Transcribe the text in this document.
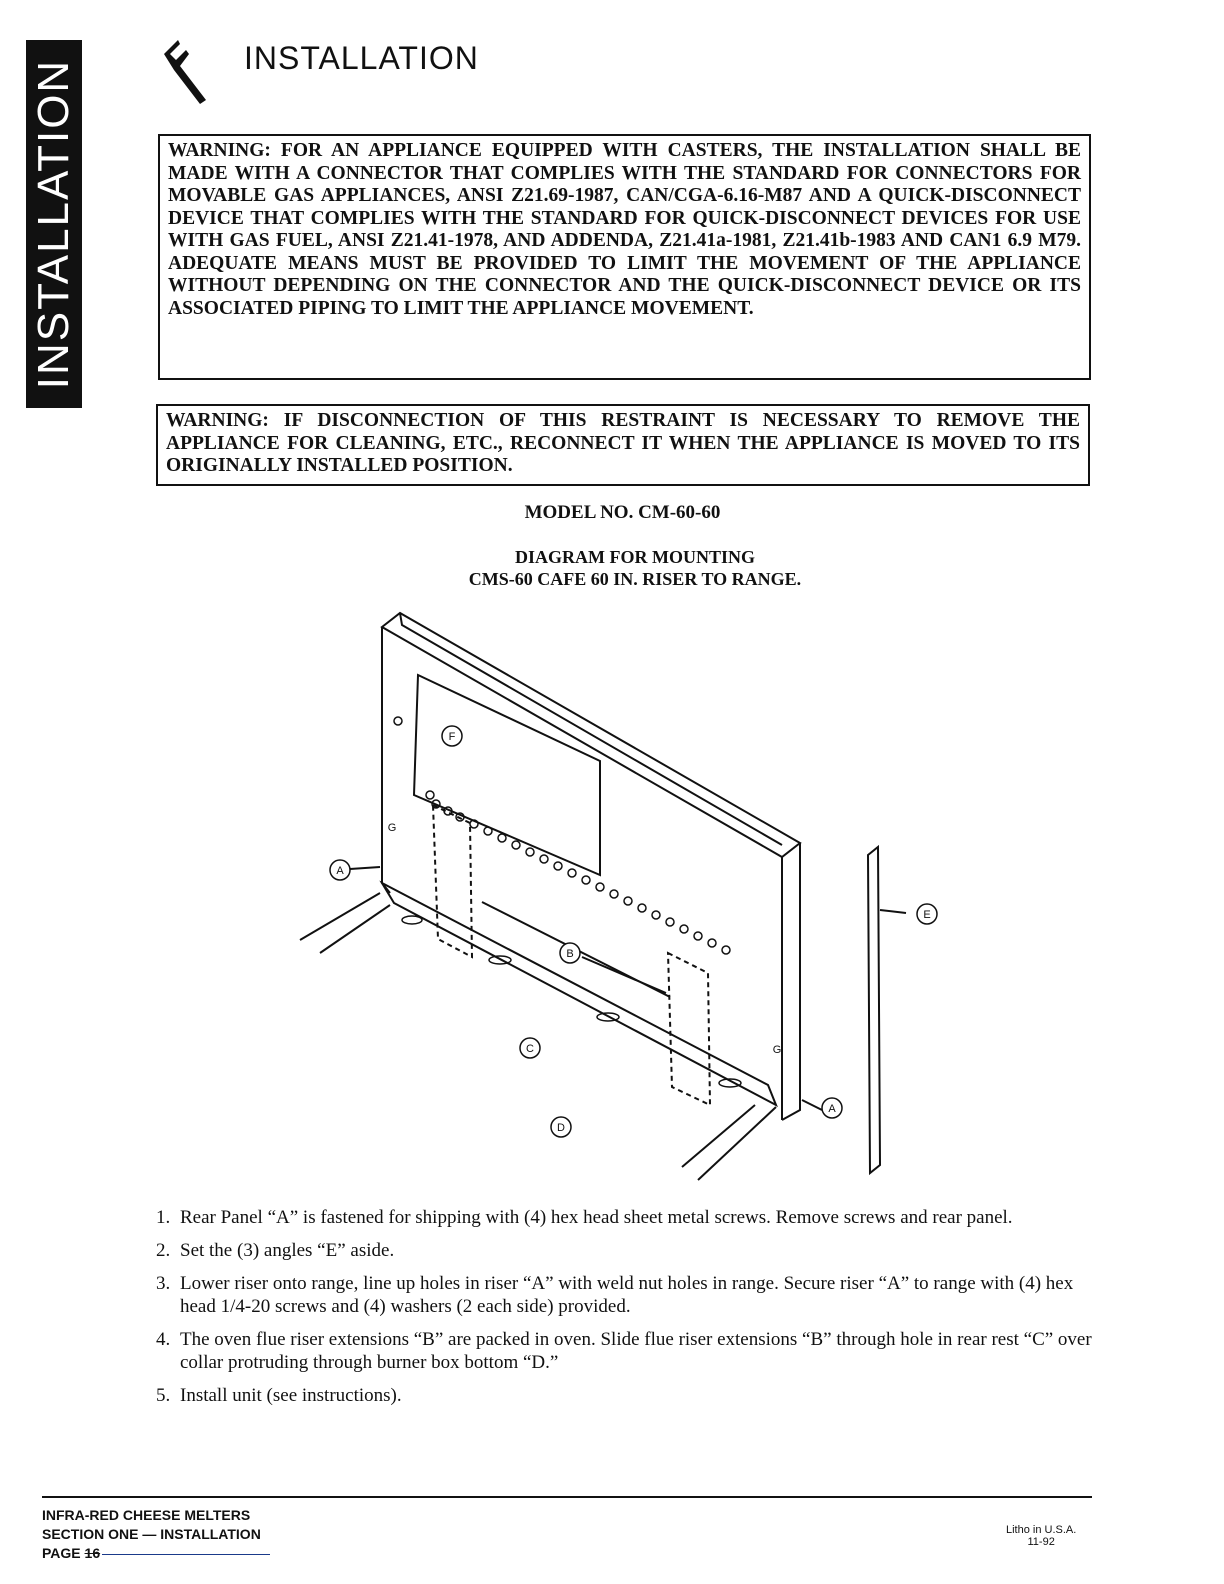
INSTALLATION
INSTALLATION
WARNING: FOR AN APPLIANCE EQUIPPED WITH CASTERS, THE INSTALLATION SHALL BE MADE WITH A CONNECTOR THAT COMPLIES WITH THE STANDARD FOR CONNECTORS FOR MOVABLE GAS APPLIANCES, ANSI Z21.69-1987, CAN/CGA-6.16-M87 AND A QUICK-DISCONNECT DEVICE THAT COMPLIES WITH THE STANDARD FOR QUICK-DISCONNECT DEVICES FOR USE WITH GAS FUEL, ANSI Z21.41-1978, AND ADDENDA, Z21.41a-1981, Z21.41b-1983 AND CAN1 6.9 M79. ADEQUATE MEANS MUST BE PROVIDED TO LIMIT THE MOVEMENT OF THE APPLIANCE WITHOUT DEPENDING ON THE CONNECTOR AND THE QUICK-DISCONNECT DEVICE OR ITS ASSOCIATED PIPING TO LIMIT THE APPLIANCE MOVEMENT.
WARNING: IF DISCONNECTION OF THIS RESTRAINT IS NECESSARY TO REMOVE THE APPLIANCE FOR CLEANING, ETC., RECONNECT IT WHEN THE APPLIANCE IS MOVED TO ITS ORIGINALLY INSTALLED POSITION.
MODEL NO. CM-60-60
DIAGRAM FOR MOUNTING
CMS-60 CAFE 60 IN. RISER TO RANGE.
A
B
C
D
E
F
A
G
G
1. Rear Panel “A” is fastened for shipping with (4) hex head sheet metal screws. Remove screws and rear panel.
2. Set the (3) angles “E” aside.
3. Lower riser onto range, line up holes in riser “A” with weld nut holes in range. Secure riser “A” to range with (4) hex head 1/4-20 screws and (4) washers (2 each side) provided.
4. The oven flue riser extensions “B” are packed in oven. Slide flue riser extensions “B” through hole in rear rest “C” over collar protruding through burner box bottom “D.”
5. Install unit (see instructions).
INFRA-RED CHEESE MELTERS
SECTION ONE — INSTALLATION
PAGE 16
Litho in U.S.A.
11-92
